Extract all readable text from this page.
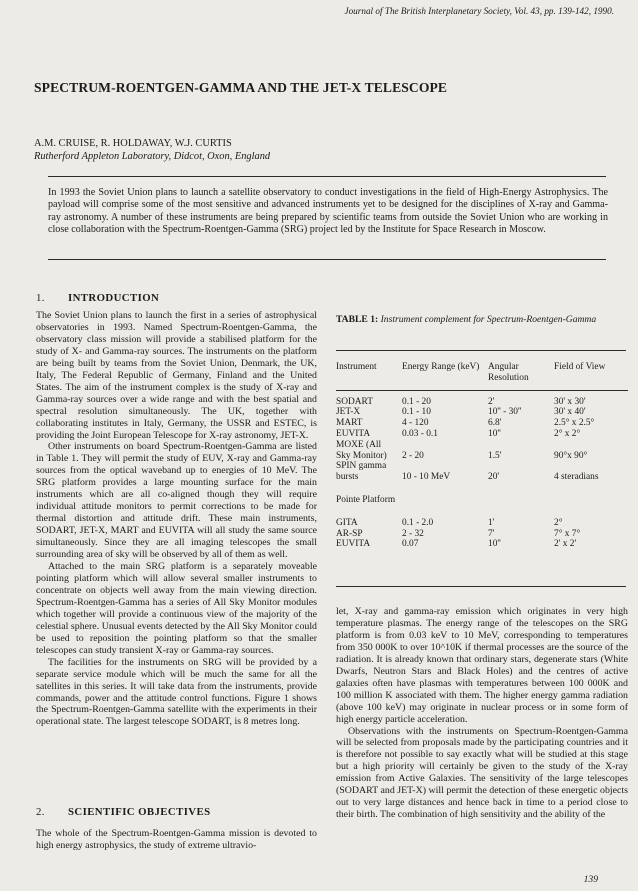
Journal of The British Interplanetary Society, Vol. 43, pp. 139-142, 1990.
SPECTRUM-ROENTGEN-GAMMA AND THE JET-X TELESCOPE
A.M. CRUISE, R. HOLDAWAY, W.J. CURTIS
Rutherford Appleton Laboratory, Didcot, Oxon, England
In 1993 the Soviet Union plans to launch a satellite observatory to conduct investigations in the field of High-Energy Astrophysics. The payload will comprise some of the most sensitive and advanced instruments yet to be designed for the disciplines of X-ray and Gamma-ray astronomy. A number of these instruments are being prepared by scientific teams from outside the Soviet Union who are working in close collaboration with the Spectrum-Roentgen-Gamma (SRG) project led by the Institute for Space Research in Moscow.
1. INTRODUCTION

The Soviet Union plans to launch the first in a series of astrophysical observatories in 1993. Named Spectrum-Roentgen-Gamma, the observatory class mission will provide a stabilised platform for the study of X- and Gamma-ray sources. The instruments on the platform are being built by teams from the Soviet Union, Denmark, the UK, Italy, The Federal Republic of Germany, Finland and the United States. The aim of the instrument complex is the study of X-ray and Gamma-ray sources over a wide range and with the best spatial and spectral resolution simultaneously. The UK, together with collaborating institutes in Italy, Germany, the USSR and ESTEC, is providing the Joint European Telescope for X-ray astronomy, JET-X.

Other instruments on board Spectrum-Roentgen-Gamma are listed in Table 1. They will permit the study of EUV, X-ray and Gamma-ray sources from the optical waveband up to energies of 10 MeV. The SRG platform provides a large mounting surface for the main instruments which are all co-aligned though they will require individual attitude monitors to permit corrections to be made for thermal distortion and attitude drift. These main instruments, SODART, JET-X, MART and EUVITA will all study the same source simultaneously. Since they are all imaging telescopes the small surrounding area of sky will be observed by all of them as well.

Attached to the main SRG platform is a separately moveable pointing platform which will allow several smaller instruments to concentrate on objects well away from the main viewing direction. Spectrum-Roentgen-Gamma has a series of All Sky Monitor modules which together will provide a continuous view of the majority of the celestial sphere. Unusual events detected by the All Sky Monitor could be used to reposition the pointing platform so that the smaller telescopes can study transient X-ray or Gamma-ray sources.

The facilities for the instruments on SRG will be provided by a separate service module which will be much the same for all the satellites in this series. It will take data from the instruments, provide commands, power and the attitude control functions. Figure 1 shows the Spectrum-Roentgen-Gamma satellite with the experiments in their operational state. The largest telescope SODART, is 8 metres long.

2. SCIENTIFIC OBJECTIVES

The whole of the Spectrum-Roentgen-Gamma mission is devoted to high energy astrophysics, the study of extreme ultravio-

TABLE 1: Instrument complement for Spectrum-Roentgen-Gamma
Instrument	Energy Range (keV)	Angular Resolution	Field of View

SODART	0.1 - 20	2'	30' x 30'
JET-X	0.1 - 10	10'' - 30''	30' x 40'
MART	4 - 120	6.8'	2.5° x 2.5°
EUVITA	0.03 - 0.1	10''	2° x 2°
MOXE (All			
Sky Monitor)	2 - 20	1.5'	90°x 90°
SPIN gamma			
bursts	10 - 10 MeV	20'	4 steradians

Pointe Platform			

GITA	0.1 - 2.0	1'	2°
AR-SP	2 - 32	7'	7° x 7°
EUVITA	0.07	10''	2' x 2'

let, X-ray and gamma-ray emission which originates in very high temperature plasmas. The energy range of the telescopes on the SRG platform is from 0.03 keV to 10 MeV, corresponding to temperatures from 350 000K to over 10^10K if thermal processes are the source of the radiation. It is already known that ordinary stars, degenerate stars (White Dwarfs, Neutron Stars and Black Holes) and the centres of active galaxies often have plasmas with temperatures between 100 000K and 100 million K associated with them. The higher energy gamma radiation (above 100 keV) may originate in nuclear process or in some form of high energy particle acceleration.

Observations with the instruments on Spectrum-Roentgen-Gamma will be selected from proposals made by the participating countries and it is therefore not possible to say exactly what will be studied at this stage but a high priority will certainly be given to the study of the X-ray emission from Active Galaxies. The sensitivity of the large telescopes (SODART and JET-X) will permit the detection of these energetic objects out to very large distances and hence back in time to a period close to their birth. The combination of high sensitivity and the ability of the

139
